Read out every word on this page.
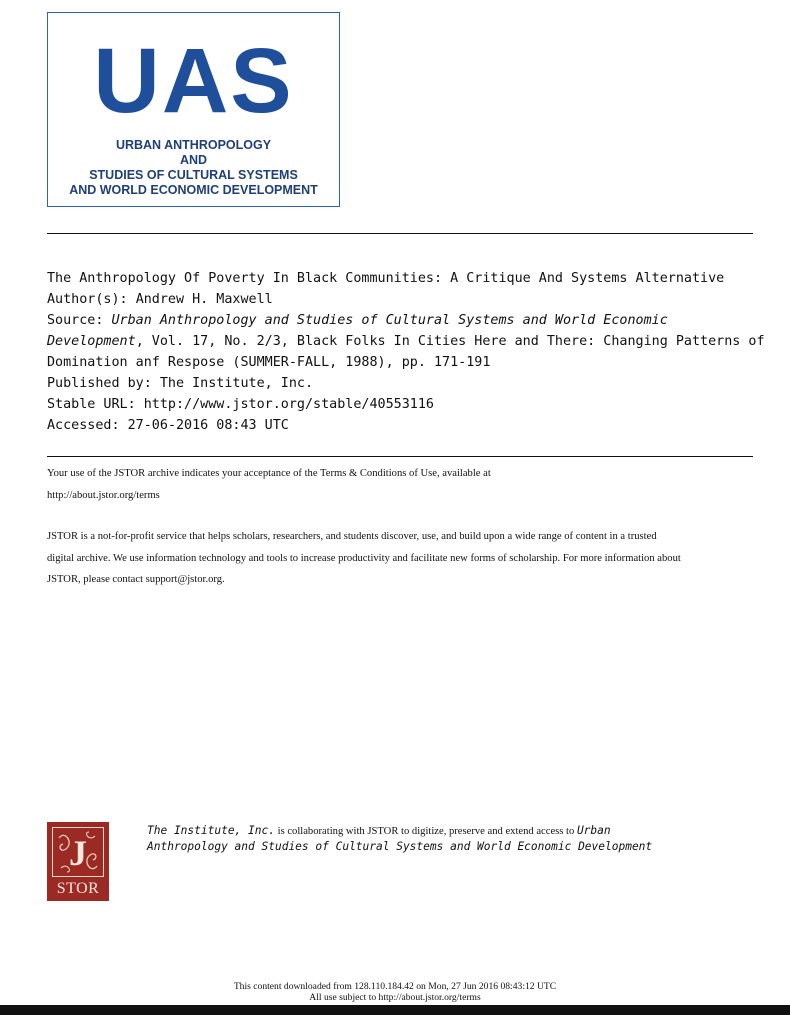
UAS
URBAN ANTHROPOLOGY
AND
STUDIES OF CULTURAL SYSTEMS
AND WORLD ECONOMIC DEVELOPMENT
The Anthropology Of Poverty In Black Communities: A Critique And Systems Alternative
Author(s): Andrew H. Maxwell
Source: Urban Anthropology and Studies of Cultural Systems and World Economic
Development, Vol. 17, No. 2/3, Black Folks In Cities Here and There: Changing Patterns of
Domination anf Respose (SUMMER-FALL, 1988), pp. 171-191
Published by: The Institute, Inc.
Stable URL: http://www.jstor.org/stable/40553116
Accessed: 27-06-2016 08:43 UTC
Your use of the JSTOR archive indicates your acceptance of the Terms & Conditions of Use, available at
http://about.jstor.org/terms
JSTOR is a not-for-profit service that helps scholars, researchers, and students discover, use, and build upon a wide range of content in a trusted
digital archive. We use information technology and tools to increase productivity and facilitate new forms of scholarship. For more information about
JSTOR, please contact support@jstor.org.
J
STOR
The Institute, Inc. is collaborating with JSTOR to digitize, preserve and extend access to Urban
Anthropology and Studies of Cultural Systems and World Economic Development
This content downloaded from 128.110.184.42 on Mon, 27 Jun 2016 08:43:12 UTC
All use subject to http://about.jstor.org/terms
